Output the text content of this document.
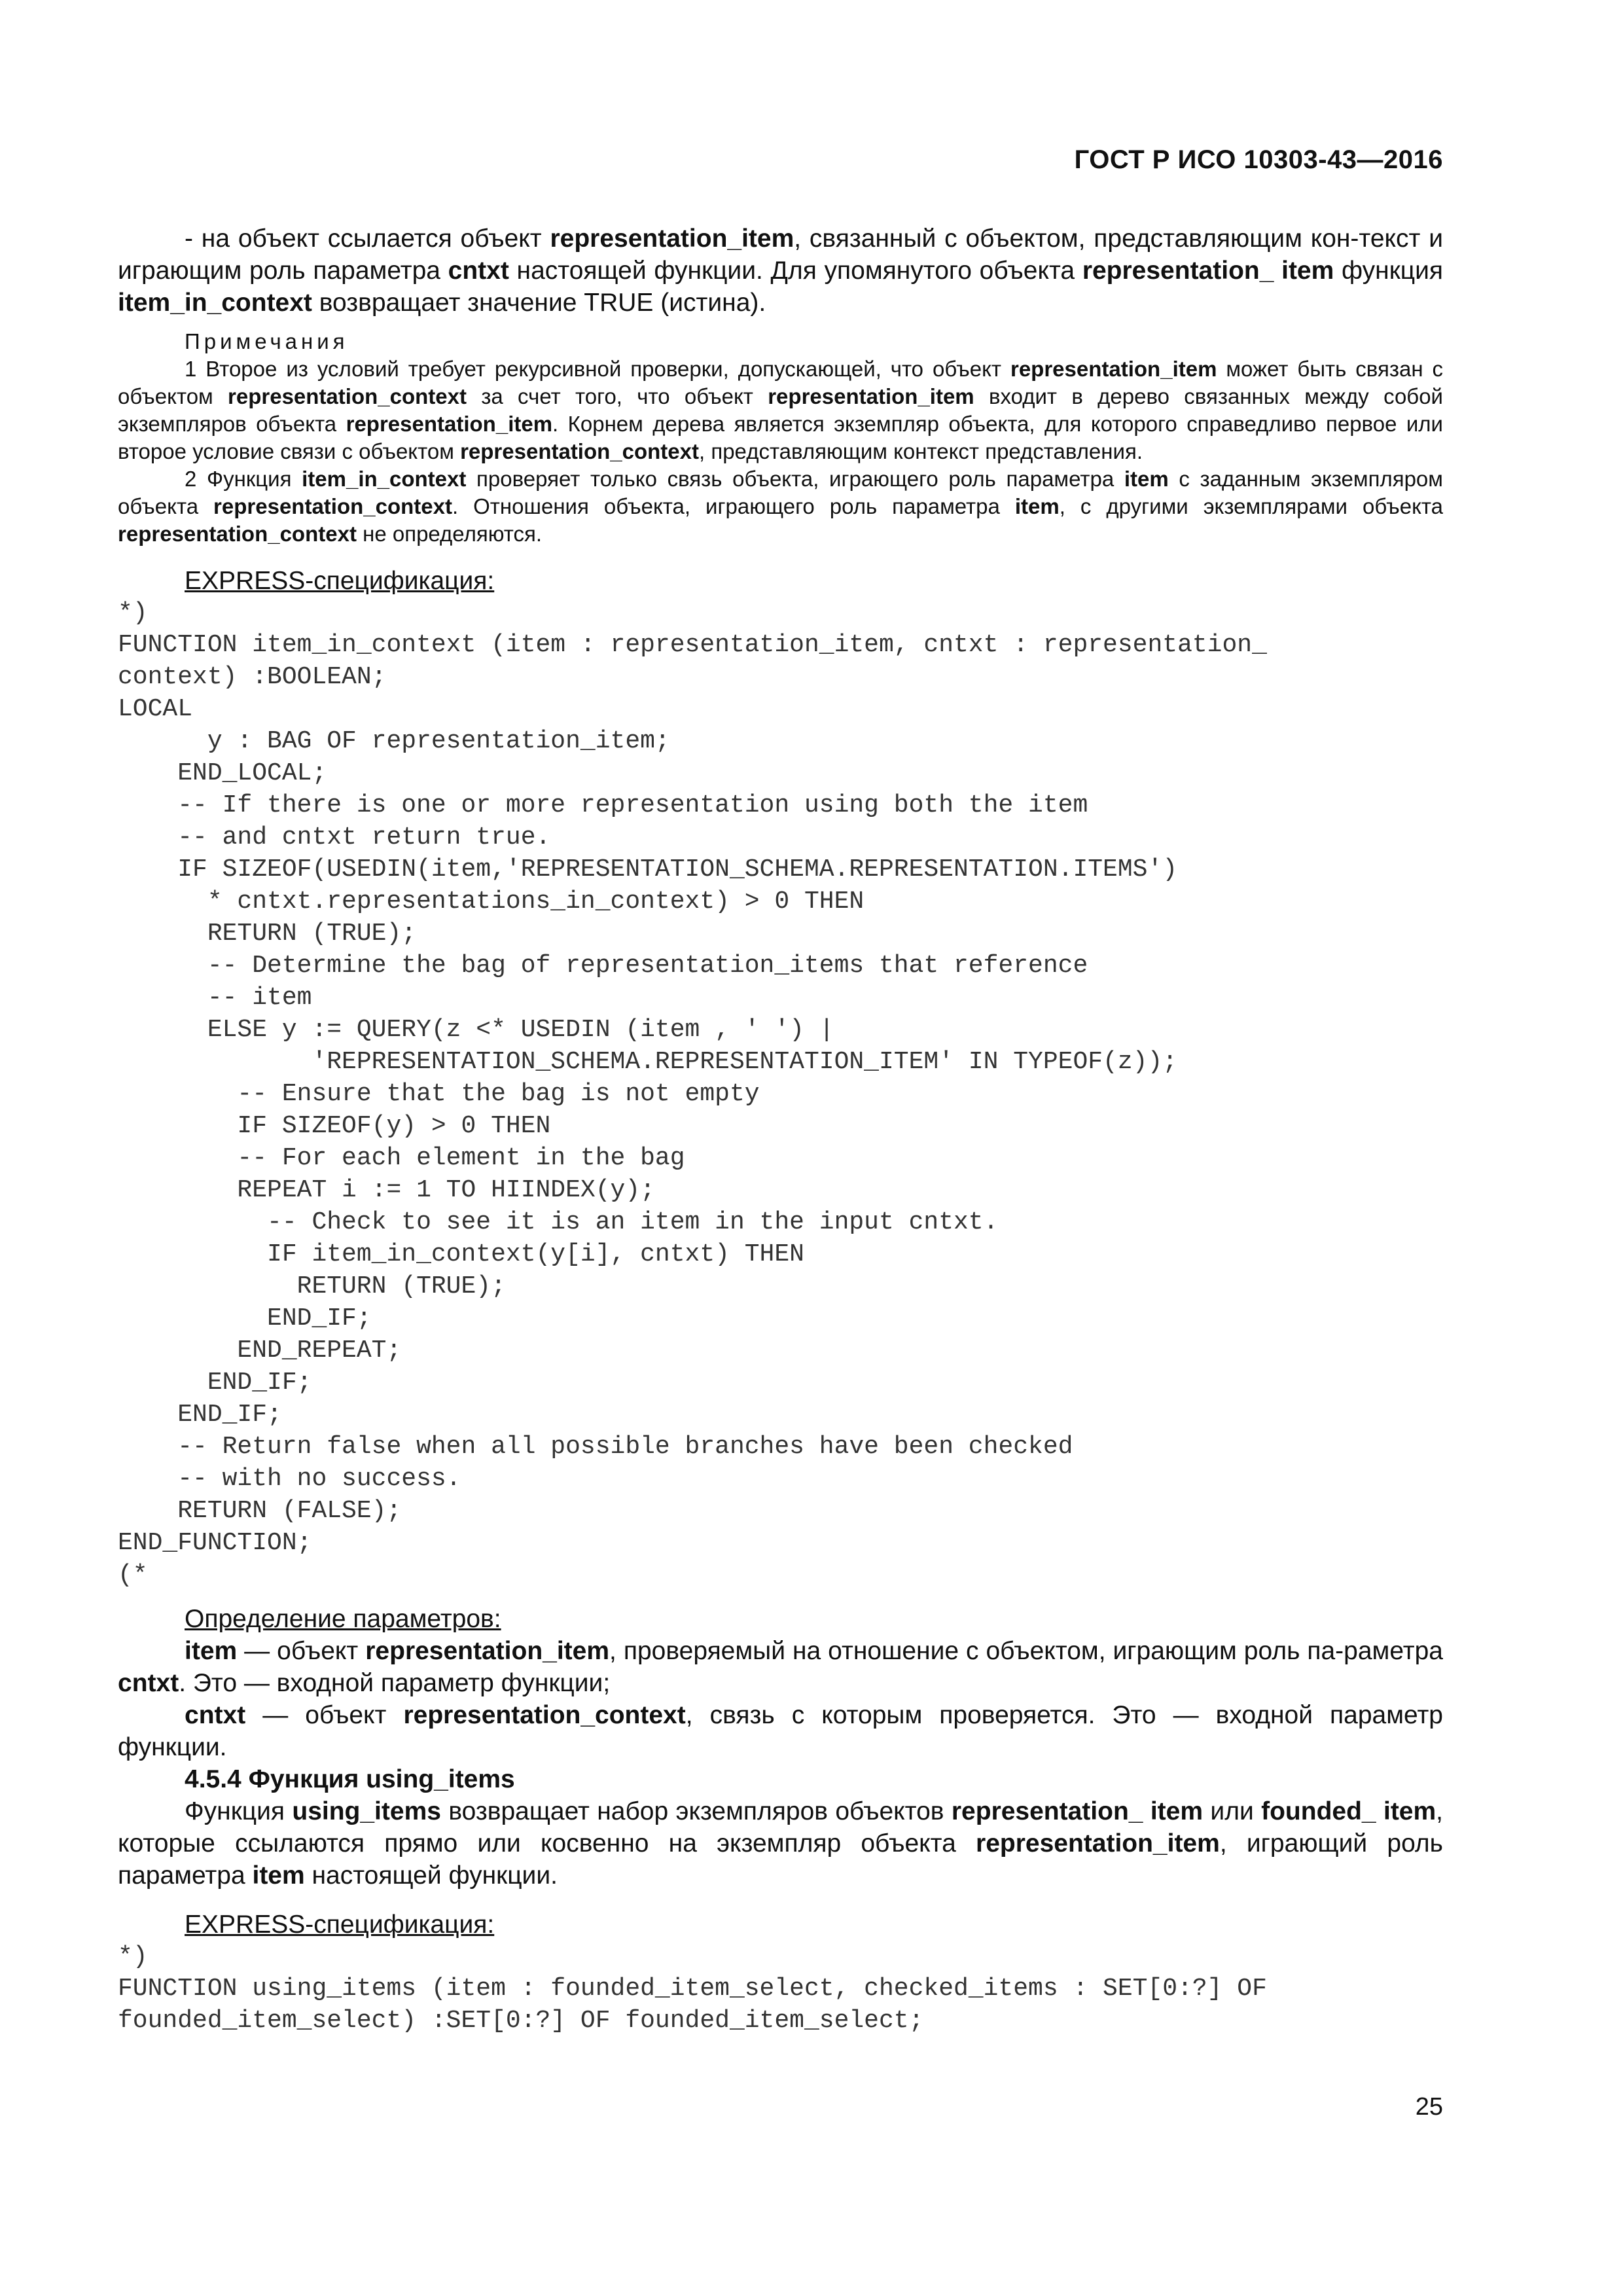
ГОСТ Р ИСО 10303-43—2016

- на объект ссылается объект representation_item, связанный с объектом, представляющим кон-текст и играющим роль параметра cntxt настоящей функции. Для упомянутого объекта representation_ item функция item_in_context возвращает значение TRUE (истина).

Примечания

1 Второе из условий требует рекурсивной проверки, допускающей, что объект representation_item может быть связан с объектом representation_context за счет того, что объект representation_item входит в дерево связанных между собой экземпляров объекта representation_item. Корнем дерева является экземпляр объекта, для которого справедливо первое или второе условие связи с объектом representation_context, представляющим контекст представления.

2 Функция item_in_context проверяет только связь объекта, играющего роль параметра item с заданным экземпляром объекта representation_context. Отношения объекта, играющего роль параметра item, с другими экземплярами объекта representation_context не определяются.

EXPRESS-спецификация:

*)
FUNCTION item_in_context (item : representation_item, cntxt : representation_
context) :BOOLEAN;
LOCAL
y : BAG OF representation_item;
END_LOCAL;
-- If there is one or more representation using both the item
-- and cntxt return true.
IF SIZEOF(USEDIN(item,'REPRESENTATION_SCHEMA.REPRESENTATION.ITEMS')
* cntxt.representations_in_context) > 0 THEN
RETURN (TRUE);
-- Determine the bag of representation_items that reference
-- item
ELSE y := QUERY(z <* USEDIN (item , ' ') |
'REPRESENTATION_SCHEMA.REPRESENTATION_ITEM' IN TYPEOF(z));
-- Ensure that the bag is not empty
IF SIZEOF(y) > 0 THEN
-- For each element in the bag
REPEAT i := 1 TO HIINDEX(y);
-- Check to see it is an item in the input cntxt.
IF item_in_context(y[i], cntxt) THEN
RETURN (TRUE);
END_IF;
END_REPEAT;
END_IF;
END_IF;
-- Return false when all possible branches have been checked
-- with no success.
RETURN (FALSE);
END_FUNCTION;
(*

Определение параметров:

item — объект representation_item, проверяемый на отношение с объектом, играющим роль па-раметра cntxt. Это — входной параметр функции;

cntxt — объект representation_context, связь с которым проверяется. Это — входной параметр функции.

4.5.4 Функция using_items

Функция using_items возвращает набор экземпляров объектов representation_ item или founded_ item, которые ссылаются прямо или косвенно на экземпляр объекта representation_item, играющий роль параметра item настоящей функции.

EXPRESS-спецификация:

*)
FUNCTION using_items (item : founded_item_select, checked_items : SET[0:?] OF
founded_item_select) :SET[0:?] OF founded_item_select;
25
